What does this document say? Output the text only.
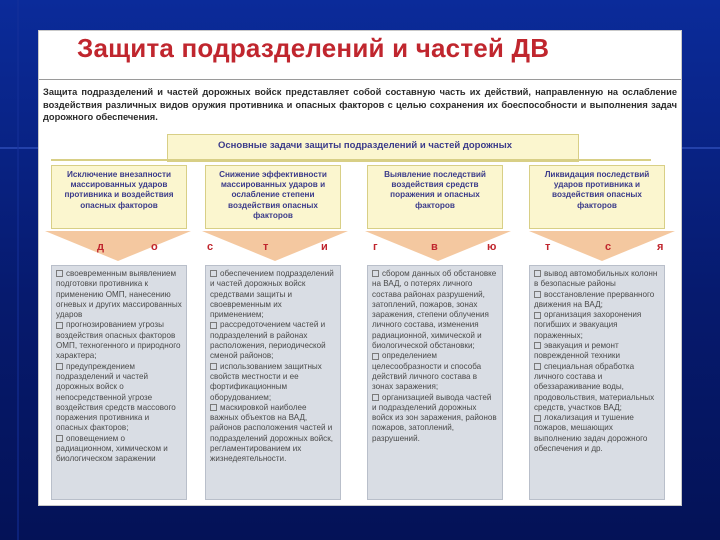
Защита подразделений и частей ДВ
Защита подразделений и частей дорожных войск представляет собой составную часть их действий, направленную на ослабление воздействия различных видов оружия противника и опасных факторов с целью сохранения их боеспособности и выполнения задач дорожного обеспечения.
Основные задачи защиты подразделений и частей дорожных
Исключение внезапности массированных ударов противника и воздействия опасных факторов
Снижение эффективности массированных ударов и ослабление степени воздействия опасных факторов
Выявление последствий воздействия средств поражения и опасных факторов
Ликвидация последствий ударов противника и воздействия опасных факторов
д	о	с	т	и	г	в	ю	т	с	я

своевременным выявлением подготовки противника к применению ОМП, нанесению огневых и других массированных ударов

прогнозированием угрозы воздействия опасных факторов ОМП, техногенного и природного характера;

предупреждением подразделений и частей дорожных войск о непосредственной угрозе воздействия средств массового поражения противника и опасных факторов;

оповещением о радиационном, химическом и биологическом заражении

обеспечением подразделений и частей дорожных войск средствами защиты и своевременным их применением;

рассредоточением частей и подразделений в районах расположения, периодической сменой районов;

использованием защитных свойств местности и ее фортификационным оборудованием;

маскировкой наиболее важных объектов на ВАД, районов расположения частей и подразделений дорожных войск, регламентированием их жизнедеятельности.

сбором данных об обстановке на ВАД, о потерях личного состава районах разрушений, затоплений, пожаров, зонах заражения, степени облучения личного состава, изменения радиационной, химической и биологической обстановки;

определением целесообразности и способа действий личного состава в зонах заражения;

организацией вывода частей и подразделений дорожных войск из зон заражения, районов пожаров, затоплений, разрушений.

вывод автомобильных колонн в безопасные районы

восстановление прерванного движения на ВАД;

организация захоронения погибших и эвакуация пораженных;

эвакуация и ремонт поврежденной техники

специальная обработка личного состава и обеззараживание воды, продовольствия, материальных средств, участков ВАД;

локализация и тушение пожаров, мешающих выполнению задач дорожного обеспечения и др.
